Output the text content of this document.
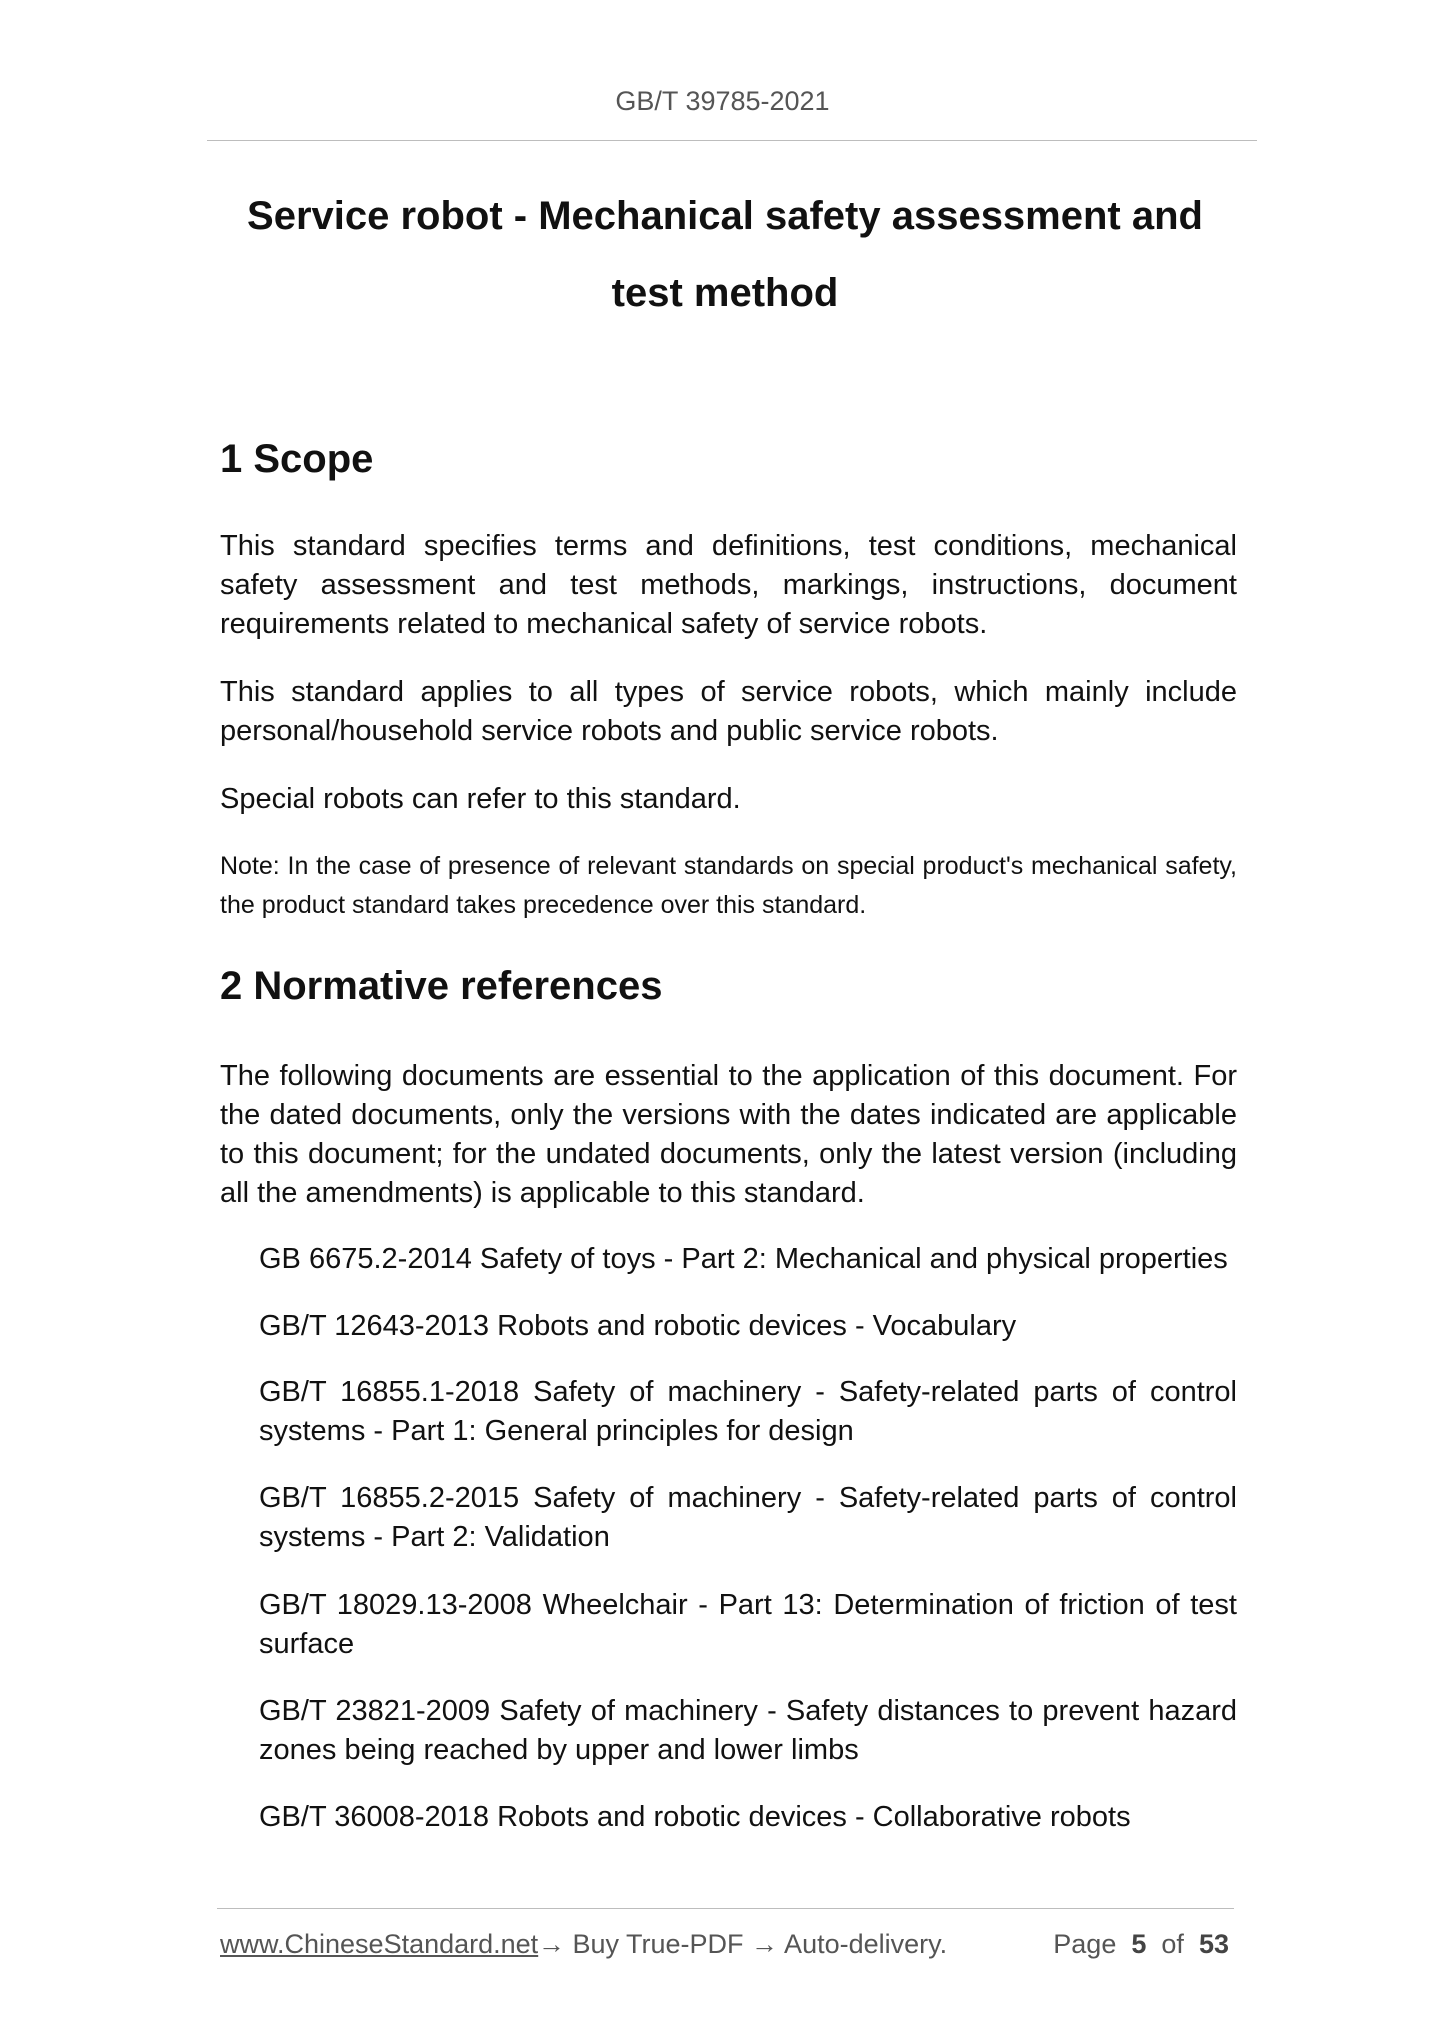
GB/T 39785-2021
Service robot - Mechanical safety assessment and test method
1 Scope

This standard specifies terms and definitions, test conditions, mechanical safety assessment and test methods, markings, instructions, document requirements related to mechanical safety of service robots.

This standard applies to all types of service robots, which mainly include personal/household service robots and public service robots.

Special robots can refer to this standard.

Note: In the case of presence of relevant standards on special product's mechanical safety, the product standard takes precedence over this standard.

2 Normative references

The following documents are essential to the application of this document. For the dated documents, only the versions with the dates indicated are applicable to this document; for the undated documents, only the latest version (including all the amendments) is applicable to this standard.

GB 6675.2-2014 Safety of toys - Part 2: Mechanical and physical properties

GB/T 12643-2013 Robots and robotic devices - Vocabulary

GB/T 16855.1-2018 Safety of machinery - Safety-related parts of control systems - Part 1: General principles for design

GB/T 16855.2-2015 Safety of machinery - Safety-related parts of control systems - Part 2: Validation

GB/T 18029.13-2008 Wheelchair - Part 13: Determination of friction of test surface

GB/T 23821-2009 Safety of machinery - Safety distances to prevent hazard zones being reached by upper and lower limbs

GB/T 36008-2018 Robots and robotic devices - Collaborative robots

www.ChineseStandard.net → Buy True-PDF → Auto-delivery.	Page 5 of 53
